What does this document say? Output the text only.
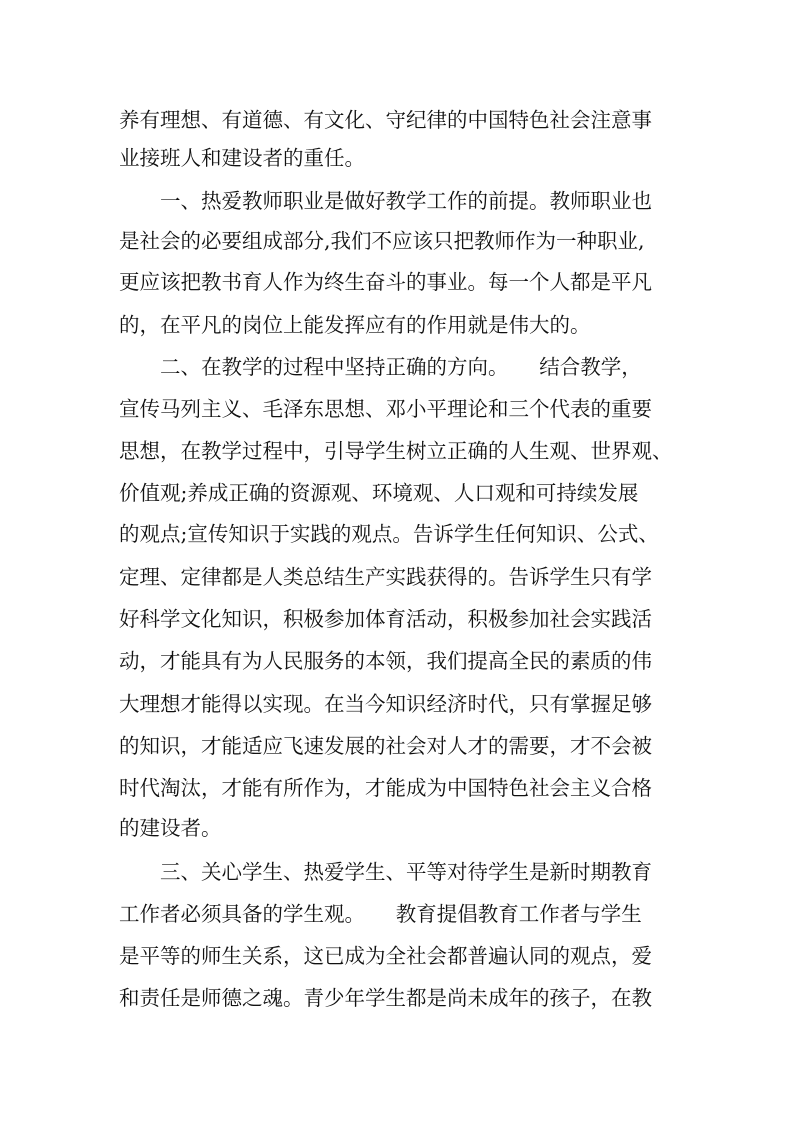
养有理想、有道德、有文化、守纪律的中国特色社会注意事
业接班人和建设者的重任。
一、热爱教师职业是做好教学工作的前提。教师职业也
是社会的必要组成部分,我们不应该只把教师作为一种职业,
更应该把教书育人作为终生奋斗的事业。每一个人都是平凡
的，在平凡的岗位上能发挥应有的作用就是伟大的。
二、在教学的过程中坚持正确的方向。　　结合教学，
宣传马列主义、毛泽东思想、邓小平理论和三个代表的重要
思想，在教学过程中，引导学生树立正确的人生观、世界观、
价值观;养成正确的资源观、环境观、人口观和可持续发展
的观点;宣传知识于实践的观点。告诉学生任何知识、公式、
定理、定律都是人类总结生产实践获得的。告诉学生只有学
好科学文化知识，积极参加体育活动，积极参加社会实践活
动，才能具有为人民服务的本领，我们提高全民的素质的伟
大理想才能得以实现。在当今知识经济时代，只有掌握足够
的知识，才能适应飞速发展的社会对人才的需要，才不会被
时代淘汰，才能有所作为，才能成为中国特色社会主义合格
的建设者。
三、关心学生、热爱学生、平等对待学生是新时期教育
工作者必须具备的学生观。　　教育提倡教育工作者与学生
是平等的师生关系，这已成为全社会都普遍认同的观点，爱
和责任是师德之魂。青少年学生都是尚未成年的孩子，在教
